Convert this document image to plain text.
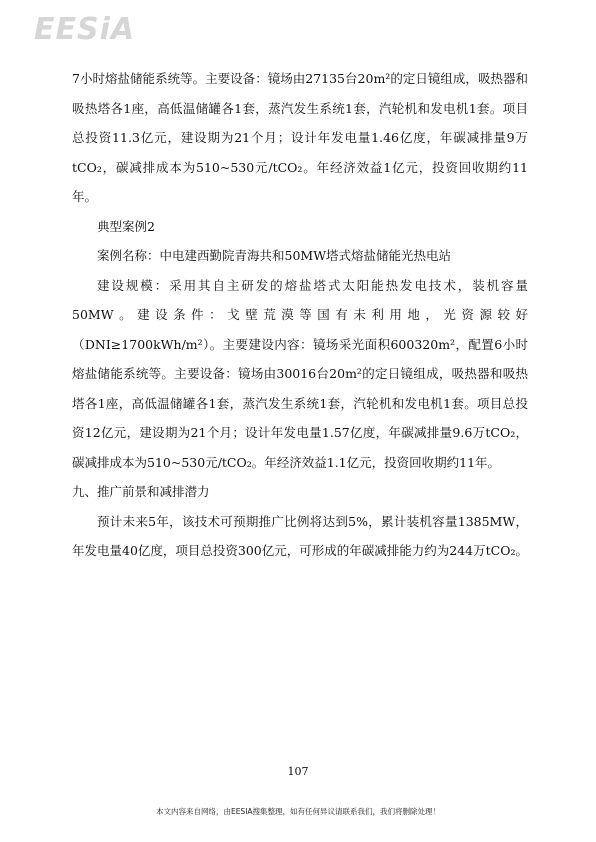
EESiA

7小时熔盐储能系统等。主要设备：镜场由27135台20m²的定日镜组成，吸热器和吸热塔各1座，高低温储罐各1套，蒸汽发生系统1套，汽轮机和发电机1套。项目总投资11.3亿元，建设期为21个月；设计年发电量1.46亿度，年碳减排量9万tCO₂，碳减排成本为510~530元/tCO₂。年经济效益1亿元，投资回收期约11年。

典型案例2

案例名称：中电建西勤院青海共和50MW塔式熔盐储能光热电站

建设规模：采用其自主研发的熔盐塔式太阳能热发电技术，装机容量 50MW。建设条件：戈壁荒漠等国有未利用地，光资源较好（DNI≥1700kWh/m²）。主要建设内容：镜场采光面积600320m²，配置6小时熔盐储能系统等。主要设备：镜场由30016台20m²的定日镜组成，吸热器和吸热塔各1座，高低温储罐各1套，蒸汽发生系统1套，汽轮机和发电机1套。项目总投资12亿元，建设期为21个月；设计年发电量1.57亿度，年碳减排量9.6万tCO₂，碳减排成本为510~530元/tCO₂。年经济效益1.1亿元，投资回收期约11年。

九、推广前景和减排潜力

预计未来5年，该技术可预期推广比例将达到5%，累计装机容量1385MW，年发电量40亿度，项目总投资300亿元，可形成的年碳减排能力约为244万tCO₂。

107
本文内容来自网络，由EESIA搜集整理，如有任何异议请联系我们，我们将删除处理！
